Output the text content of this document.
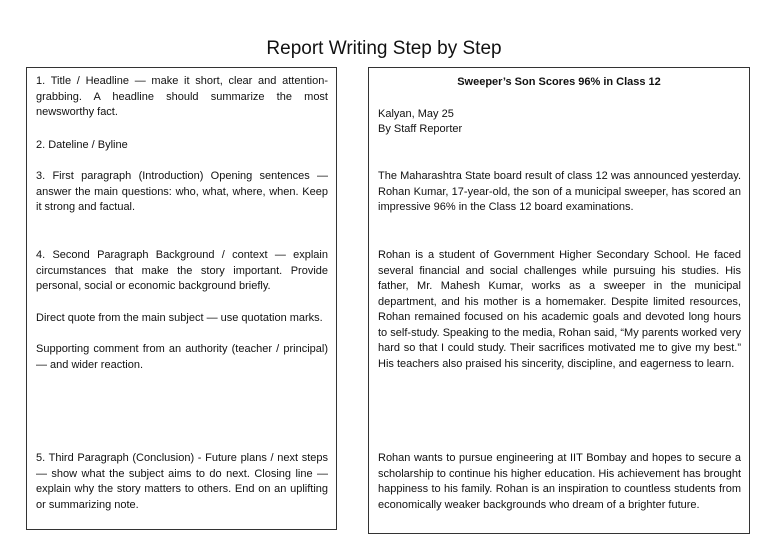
Report Writing Step by Step
1. Title / Headline — make it short, clear and attention-grabbing. A headline should summarize the most newsworthy fact.
2. Dateline / Byline
3. First paragraph (Introduction) Opening sentences — answer the main questions: who, what, where, when. Keep it strong and factual.
4. Second Paragraph Background / context — explain circumstances that make the story important. Provide personal, social or economic background briefly.
Direct quote from the main subject — use quotation marks.
Supporting comment from an authority (teacher / principal) — and wider reaction.
5. Third Paragraph (Conclusion) - Future plans / next steps — show what the subject aims to do next. Closing line — explain why the story matters to others. End on an uplifting or summarizing note.
Sweeper’s Son Scores 96% in Class 12
Kalyan, May 25
By Staff Reporter
The Maharashtra State board result of class 12 was announced yesterday. Rohan Kumar, 17-year-old, the son of a municipal sweeper, has scored an impressive 96% in the Class 12 board examinations.
Rohan is a student of Government Higher Secondary School. He faced several financial and social challenges while pursuing his studies. His father, Mr. Mahesh Kumar, works as a sweeper in the municipal department, and his mother is a homemaker. Despite limited resources, Rohan remained focused on his academic goals and devoted long hours to self-study. Speaking to the media, Rohan said, “My parents worked very hard so that I could study. Their sacrifices motivated me to give my best.” His teachers also praised his sincerity, discipline, and eagerness to learn.
Rohan wants to pursue engineering at IIT Bombay and hopes to secure a scholarship to continue his higher education. His achievement has brought happiness to his family. Rohan is an inspiration to countless students from economically weaker backgrounds who dream of a brighter future.
